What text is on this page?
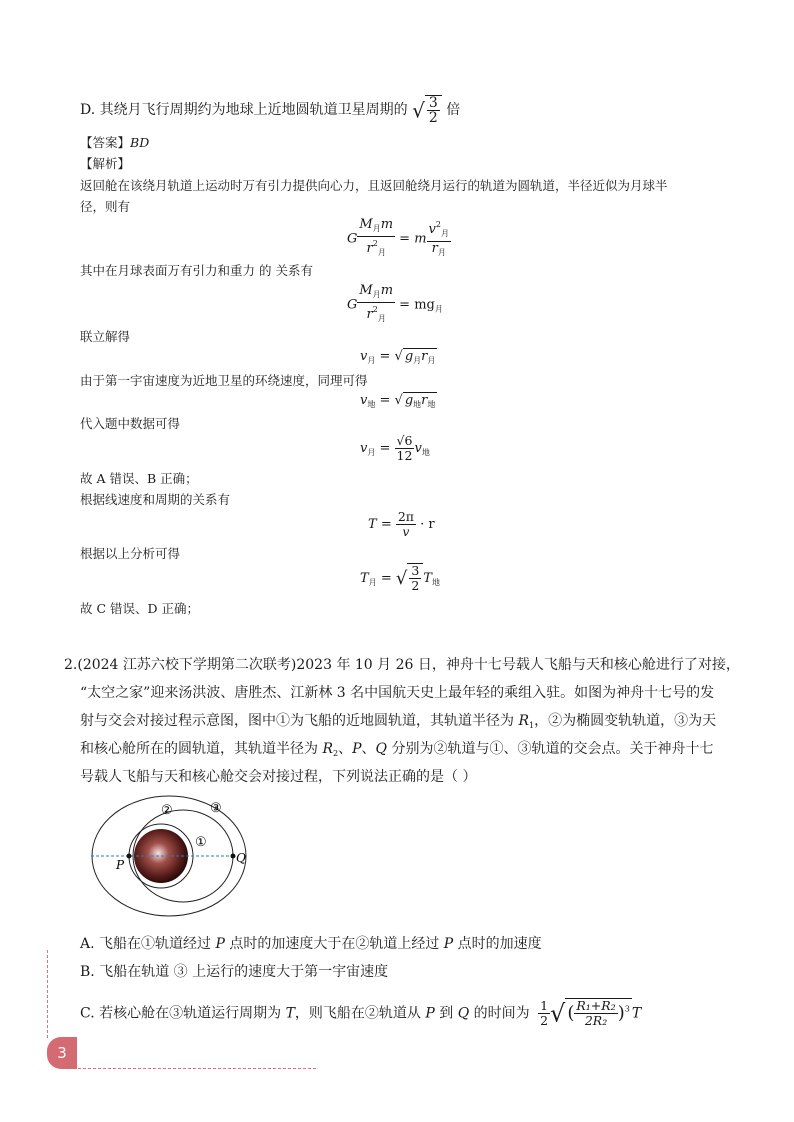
D. 其绕月飞行周期约为地球上近地圆轨道卫星周期的 √ $\frac{3}{2}$ 倍
【答案】BD
【解析】
返回舱在该绕月轨道上运动时万有引力提供向心力，且返回舱绕月运行的轨道为圆轨道，半径近似为月球半
径，则有
G $\frac{M_月m}{r^2_月} = m \frac{v^2_月}{r_月}$
其中在月球表面万有引力和重力 的 关系有
G $\frac{M_月m}{r^2_月} = mg_月$
联立解得
$v_月$ = √ $g_月r_月$
由于第一宇宙速度为近地卫星的环绕速度，同理可得
$v_地$ = √ $g_地r_地$
代入题中数据可得
$v_月 = \frac{√6}{12} v_地$
故 A 错误、B 正确；
根据线速度和周期的关系有
$T = \frac{2\pi}{v} \cdot r$
根据以上分析可得
$T_月$ = √ $\frac{3}{2} T_地$
故 C 错误、D 正确；
2.(2024 江苏六校下学期第二次联考)2023 年 10 月 26 日，神舟十七号载人飞船与天和核心舱进行了对接，
“太空之家”迎来汤洪波、唐胜杰、江新林 3 名中国航天史上最年轻的乘组入驻。如图为神舟十七号的发
射与交会对接过程示意图，图中①为飞船的近地圆轨道，其轨道半径为 $R_1$，②为椭圆变轨轨道，③为天
和核心舱所在的圆轨道，其轨道半径为 $R_2$、P、Q 分别为②轨道与①、③轨道的交会点。关于神舟十七
号载人飞船与天和核心舱交会对接过程，下列说法正确的是（ ）
①
②	③
P	Q
A. 飞船在①轨道经过 P 点时的加速度大于在②轨道上经过 P 点时的加速度
B. 飞船在轨道 ③ 上运行的速度大于第一宇宙速度
C. 若核心舱在③轨道运行周期为 T，则飞船在②轨道从 P 到 Q 的时间为 $\frac{1}{2}$ √ ( $\frac{\text{R₁+R₂}}{\text{2R₂}} )^3$ T
3
